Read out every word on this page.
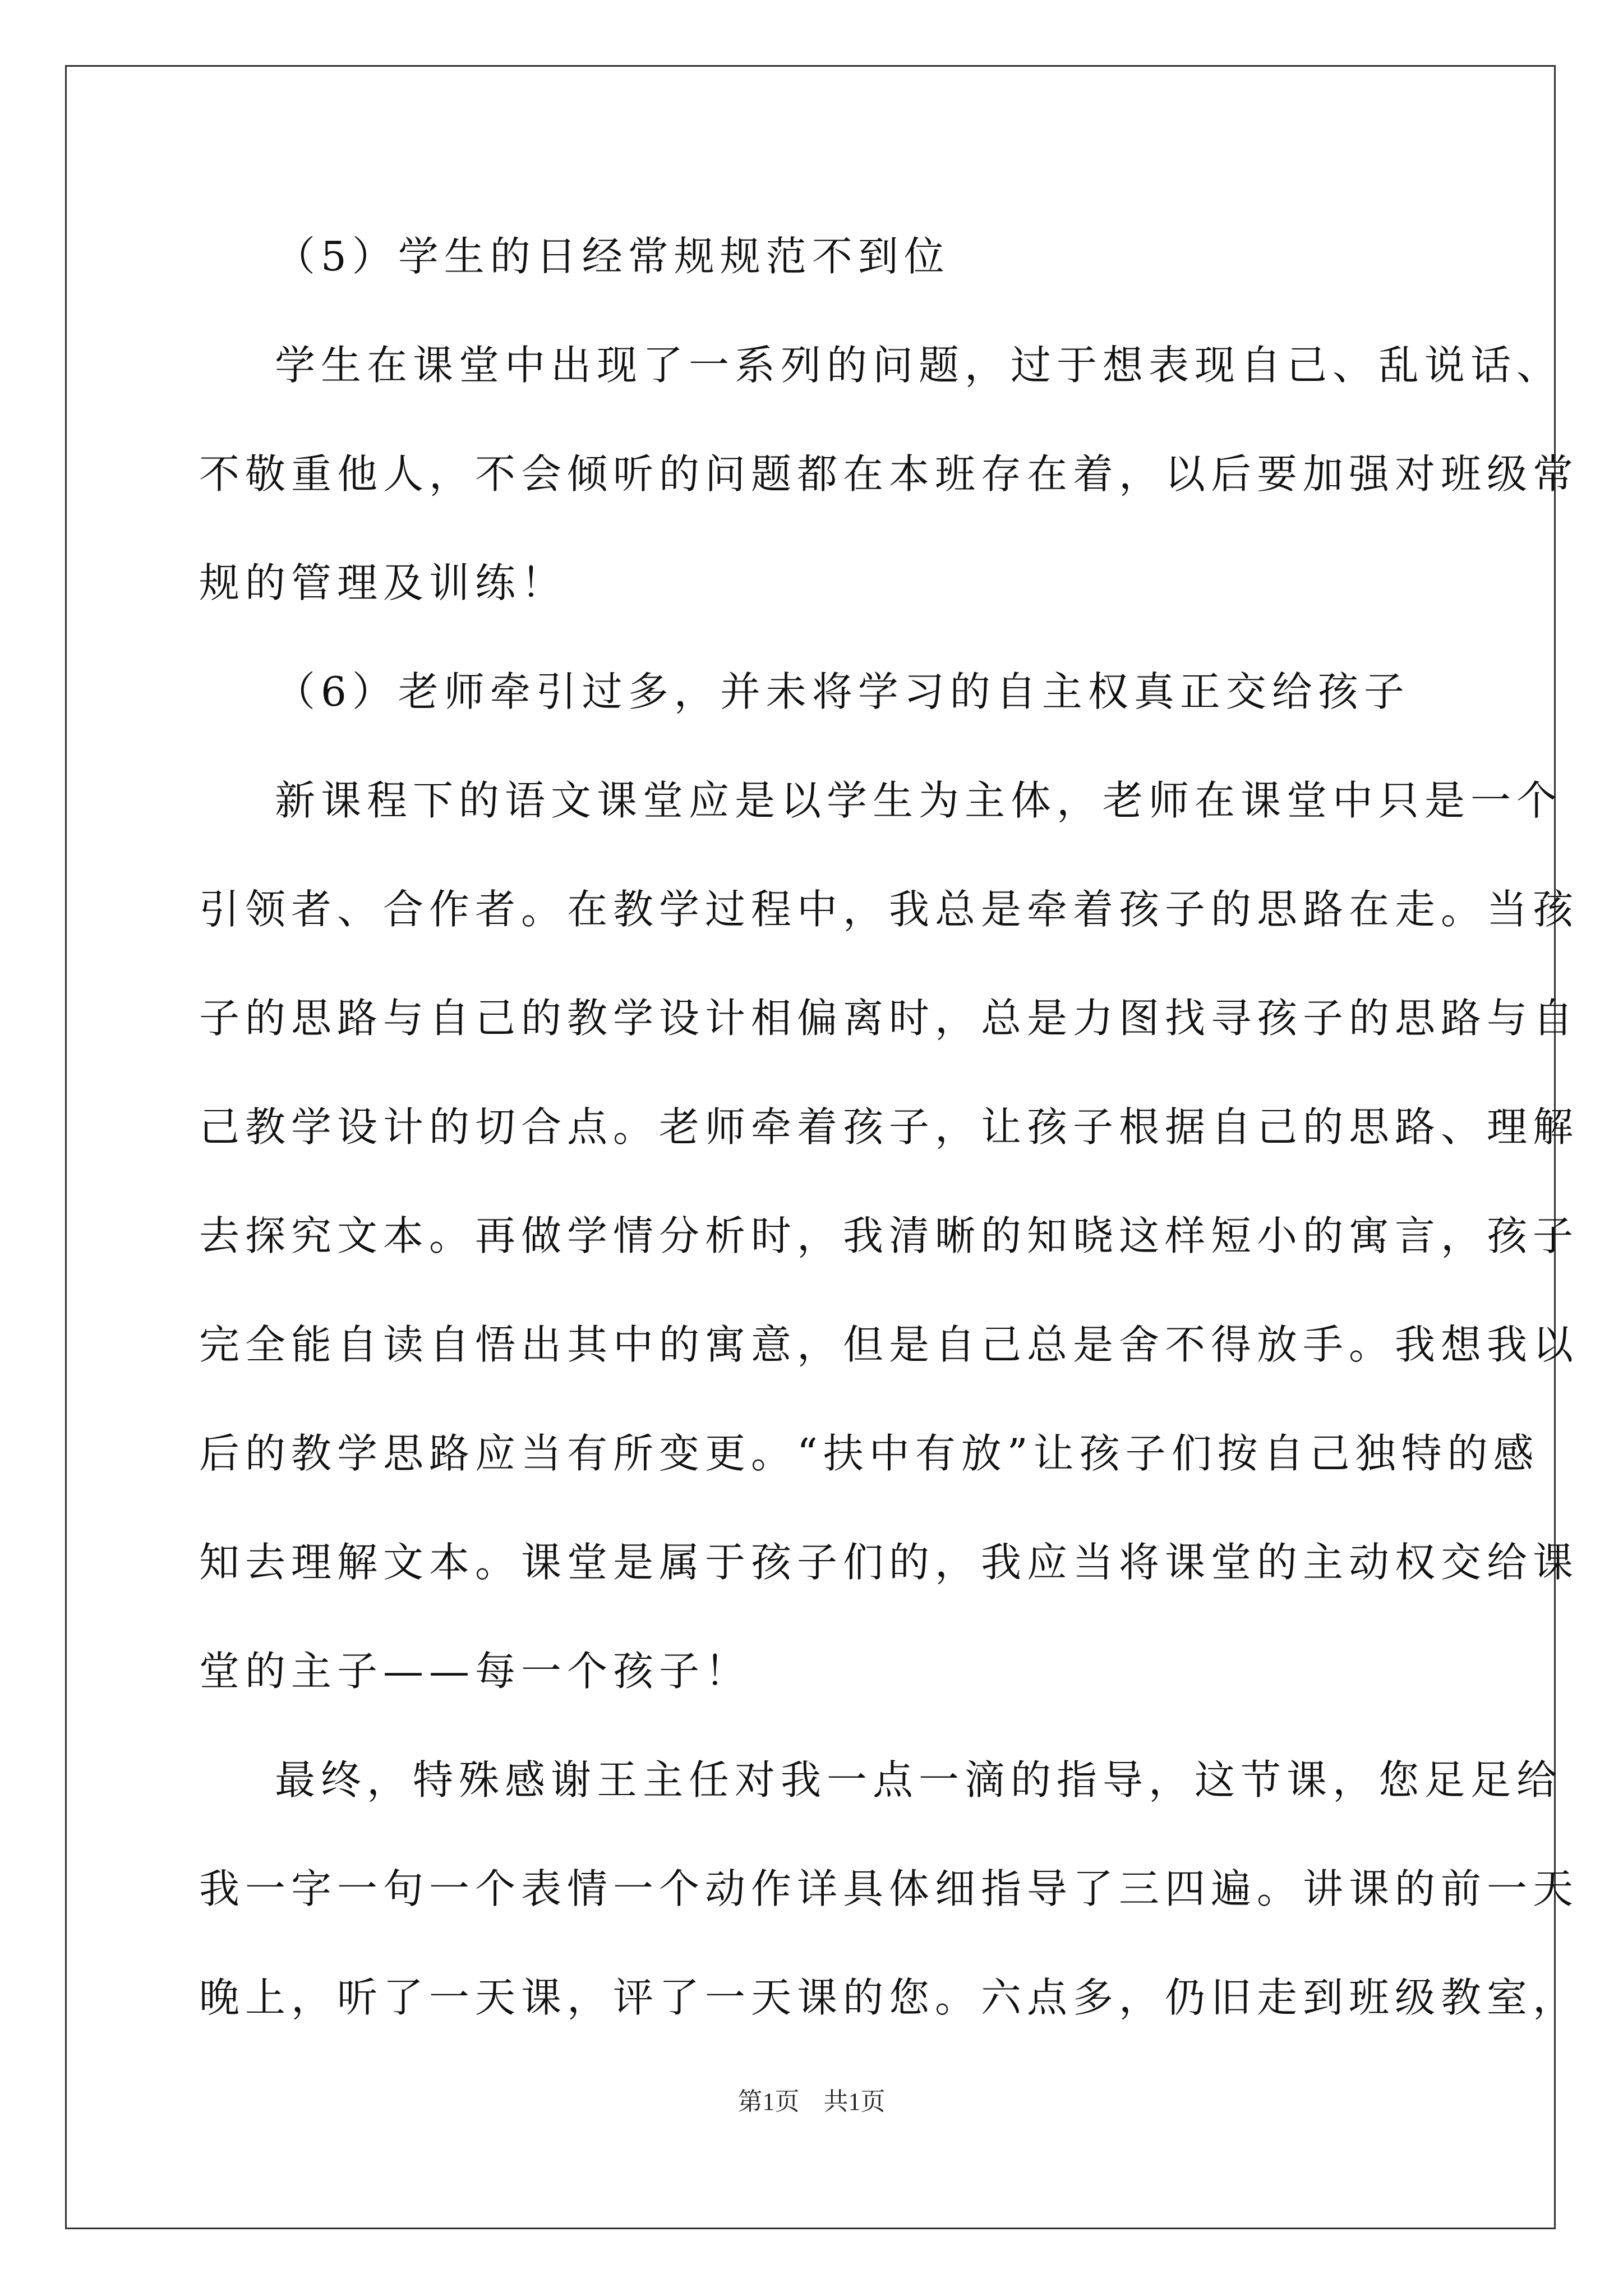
（5）学生的日经常规规范不到位

学生在课堂中出现了一系列的问题，过于想表现自己、乱说话、

不敬重他人，不会倾听的问题都在本班存在着，以后要加强对班级常

规的管理及训练！

（6）老师牵引过多，并未将学习的自主权真正交给孩子

新课程下的语文课堂应是以学生为主体，老师在课堂中只是一个

引领者、合作者。在教学过程中，我总是牵着孩子的思路在走。当孩

子的思路与自己的教学设计相偏离时，总是力图找寻孩子的思路与自

己教学设计的切合点。老师牵着孩子，让孩子根据自己的思路、理解

去探究文本。再做学情分析时，我清晰的知晓这样短小的寓言，孩子

完全能自读自悟出其中的寓意，但是自己总是舍不得放手。我想我以

后的教学思路应当有所变更。“扶中有放”让孩子们按自己独特的感

知去理解文本。课堂是属于孩子们的，我应当将课堂的主动权交给课

堂的主子——每一个孩子！

最终，特殊感谢王主任对我一点一滴的指导，这节课，您足足给

我一字一句一个表情一个动作详具体细指导了三四遍。讲课的前一天

晚上，听了一天课，评了一天课的您。六点多，仍旧走到班级教室，

第1页 共1页
